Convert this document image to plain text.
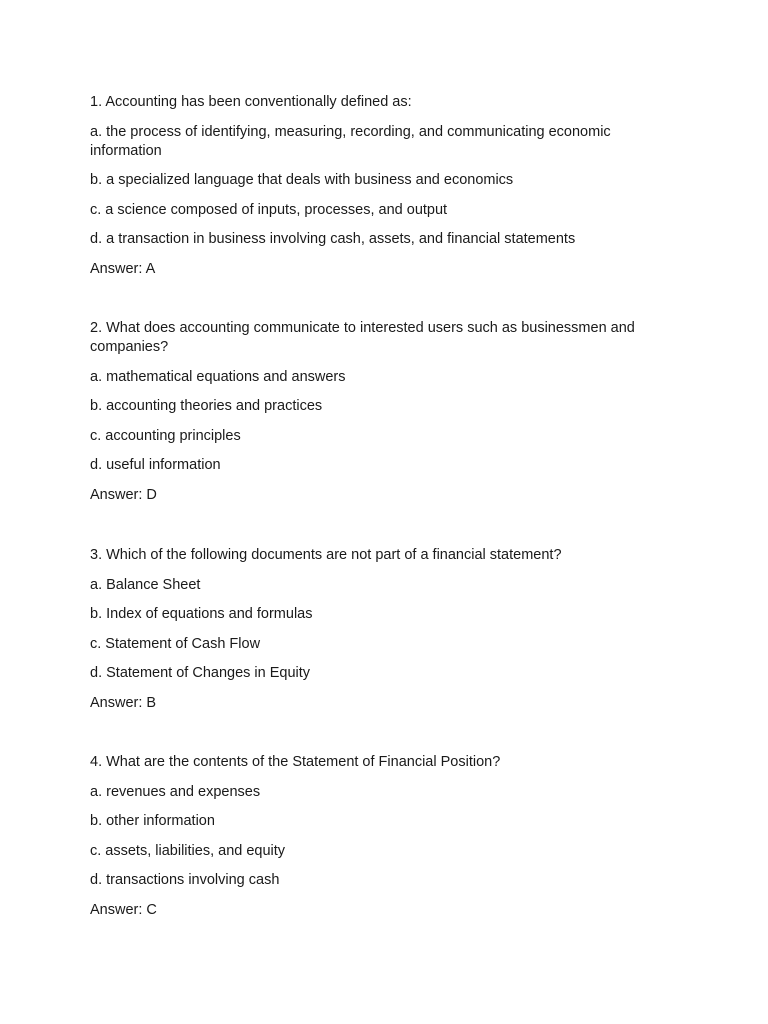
1. Accounting has been conventionally defined as:
a. the process of identifying, measuring, recording, and communicating economic information
b. a specialized language that deals with business and economics
c. a science composed of inputs, processes, and output
d. a transaction in business involving cash, assets, and financial statements
Answer: A
2. What does accounting communicate to interested users such as businessmen and companies?
a. mathematical equations and answers
b. accounting theories and practices
c. accounting principles
d. useful information
Answer: D
3. Which of the following documents are not part of a financial statement?
a. Balance Sheet
b. Index of equations and formulas
c. Statement of Cash Flow
d. Statement of Changes in Equity
Answer: B
4. What are the contents of the Statement of Financial Position?
a. revenues and expenses
b. other information
c. assets, liabilities, and equity
d. transactions involving cash
Answer: C
